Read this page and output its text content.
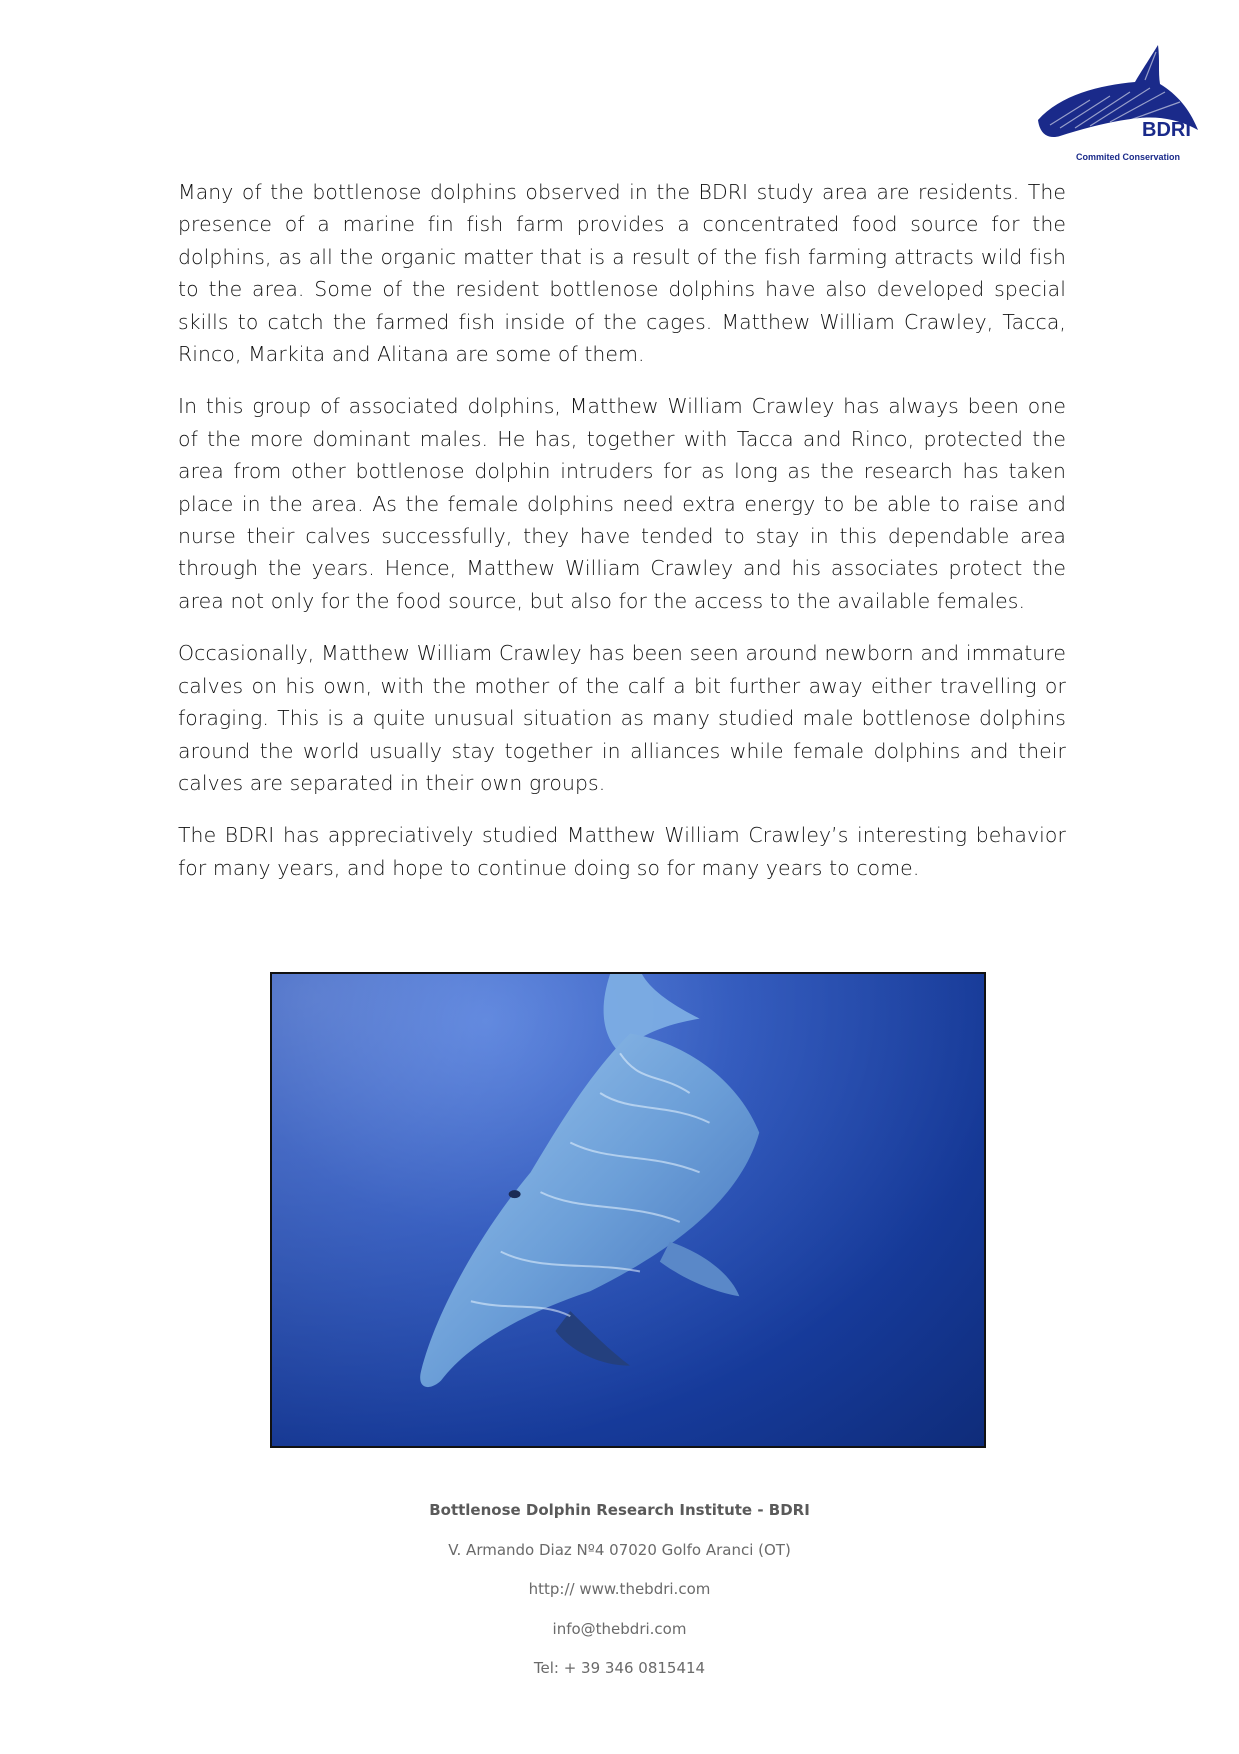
BDRI
Commited Conservation

Many of the bottlenose dolphins observed in the BDRI study area are residents. The presence of a marine fin fish farm provides a concentrated food source for the dolphins, as all the organic matter that is a result of the fish farming attracts wild fish to the area. Some of the resident bottlenose dolphins have also developed special skills to catch the farmed fish inside of the cages. Matthew William Crawley, Tacca, Rinco, Markita and Alitana are some of them.

In this group of associated dolphins, Matthew William Crawley has always been one of the more dominant males. He has, together with Tacca and Rinco, protected the area from other bottlenose dolphin intruders for as long as the research has taken place in the area. As the female dolphins need extra energy to be able to raise and nurse their calves successfully, they have tended to stay in this dependable area through the years. Hence, Matthew William Crawley and his associates protect the area not only for the food source, but also for the access to the available females.

Occasionally, Matthew William Crawley has been seen around newborn and immature calves on his own, with the mother of the calf a bit further away either travelling or foraging. This is a quite unusual situation as many studied male bottlenose dolphins around the world usually stay together in alliances while female dolphins and their calves are separated in their own groups.

The BDRI has appreciatively studied Matthew William Crawley’s interesting behavior for many years, and hope to continue doing so for many years to come.

Bottlenose Dolphin Research Institute - BDRI
V. Armando Diaz Nº4 07020 Golfo Aranci (OT)
http:// www.thebdri.com
info@thebdri.com
Tel: + 39 346 0815414
